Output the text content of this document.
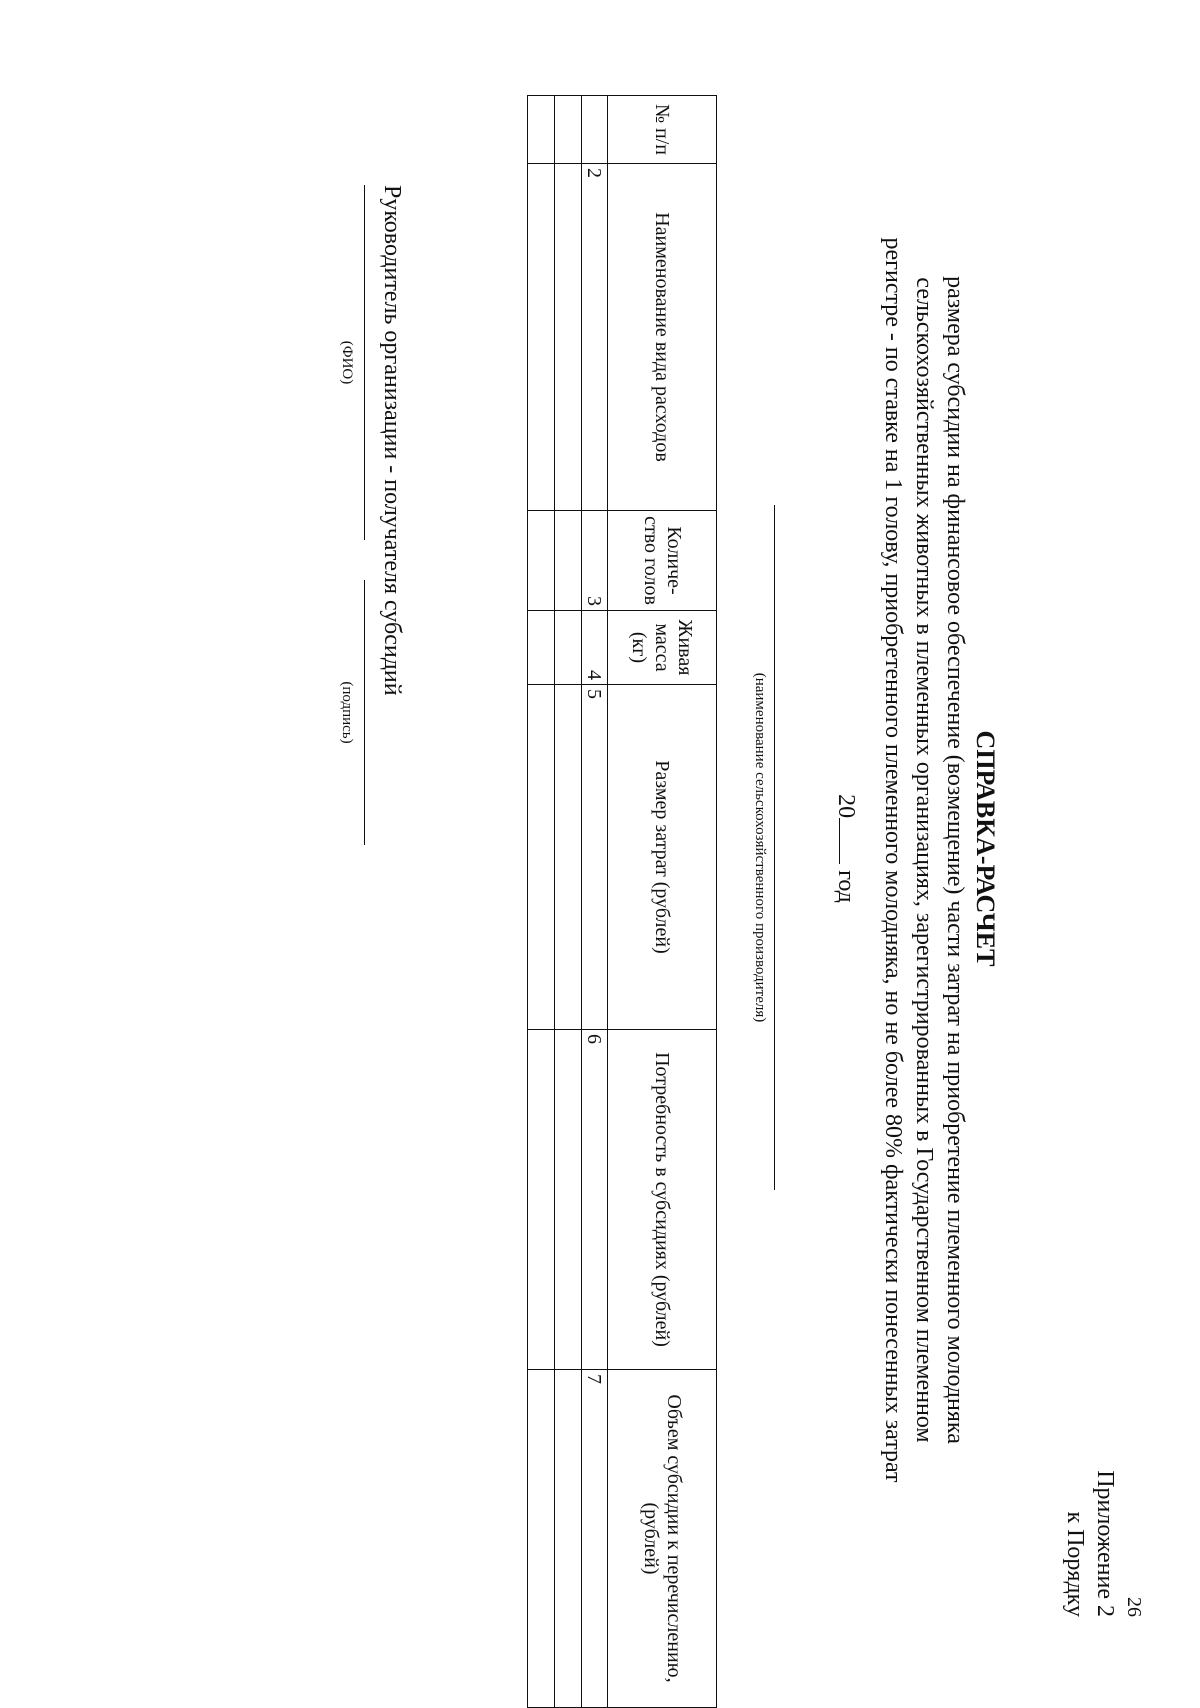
26
Приложение 2
к Порядку
СПРАВКА-РАСЧЕТ
размера субсидии на финансовое обеспечение (возмещение) части затрат на приобретение племенного молодняка сельскохозяйственных животных в племенных организациях, зарегистрированных в Государственном племенном регистре - по ставке на 1 голову, приобретенного племенного молодняка, но не более 80% фактически понесенных затрат
20 год
(наименование сельскохозяйственного производителя)
№ п/п	Наименование вида расходов	Количе-ство голов	Живая масса (кг)	Размер затрат (рублей)	Потребность в субсидиях (рублей)	Объем субсидии к перечислению, (рублей)
	2	3	4	5	6	7

Руководитель организации - получателя субсидий
(ФИО)
(подпись)
